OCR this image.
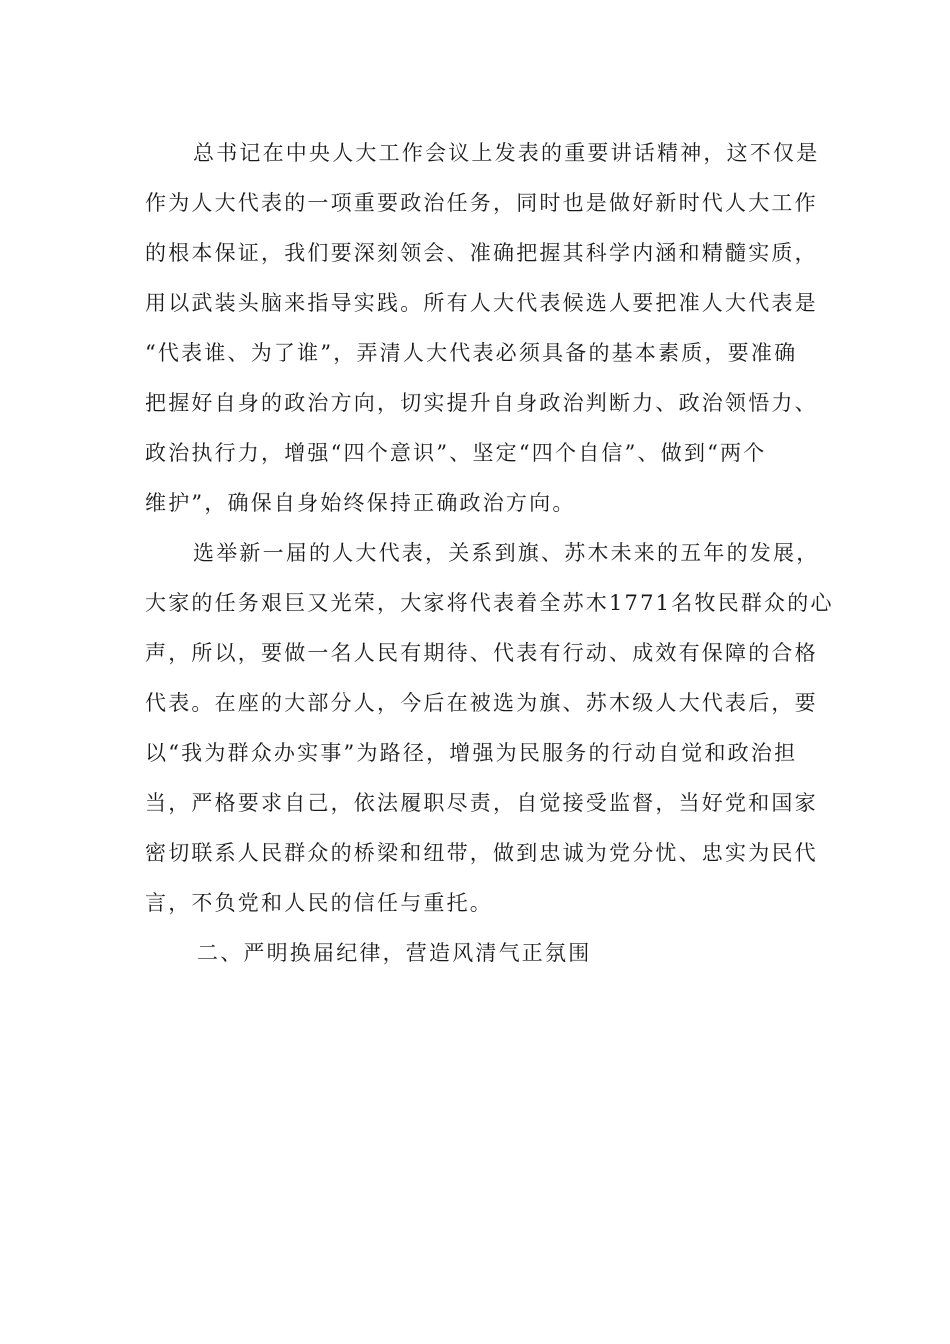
总书记在中央人大工作会议上发表的重要讲话精神，这不仅是
作为人大代表的一项重要政治任务，同时也是做好新时代人大工作
的根本保证，我们要深刻领会、准确把握其科学内涵和精髓实质，
用以武装头脑来指导实践。所有人大代表候选人要把准人大代表是
“代表谁、为了谁”，弄清人大代表必须具备的基本素质，要准确
把握好自身的政治方向，切实提升自身政治判断力、政治领悟力、
政治执行力，增强“四个意识”、坚定“四个自信”、做到“两个
维护”，确保自身始终保持正确政治方向。
选举新一届的人大代表，关系到旗、苏木未来的五年的发展，
大家的任务艰巨又光荣，大家将代表着全苏木1771名牧民群众的心
声，所以，要做一名人民有期待、代表有行动、成效有保障的合格
代表。在座的大部分人，今后在被选为旗、苏木级人大代表后，要
以“我为群众办实事”为路径，增强为民服务的行动自觉和政治担
当，严格要求自己，依法履职尽责，自觉接受监督，当好党和国家
密切联系人民群众的桥梁和纽带，做到忠诚为党分忧、忠实为民代
言，不负党和人民的信任与重托。
二、严明换届纪律，营造风清气正氛围
